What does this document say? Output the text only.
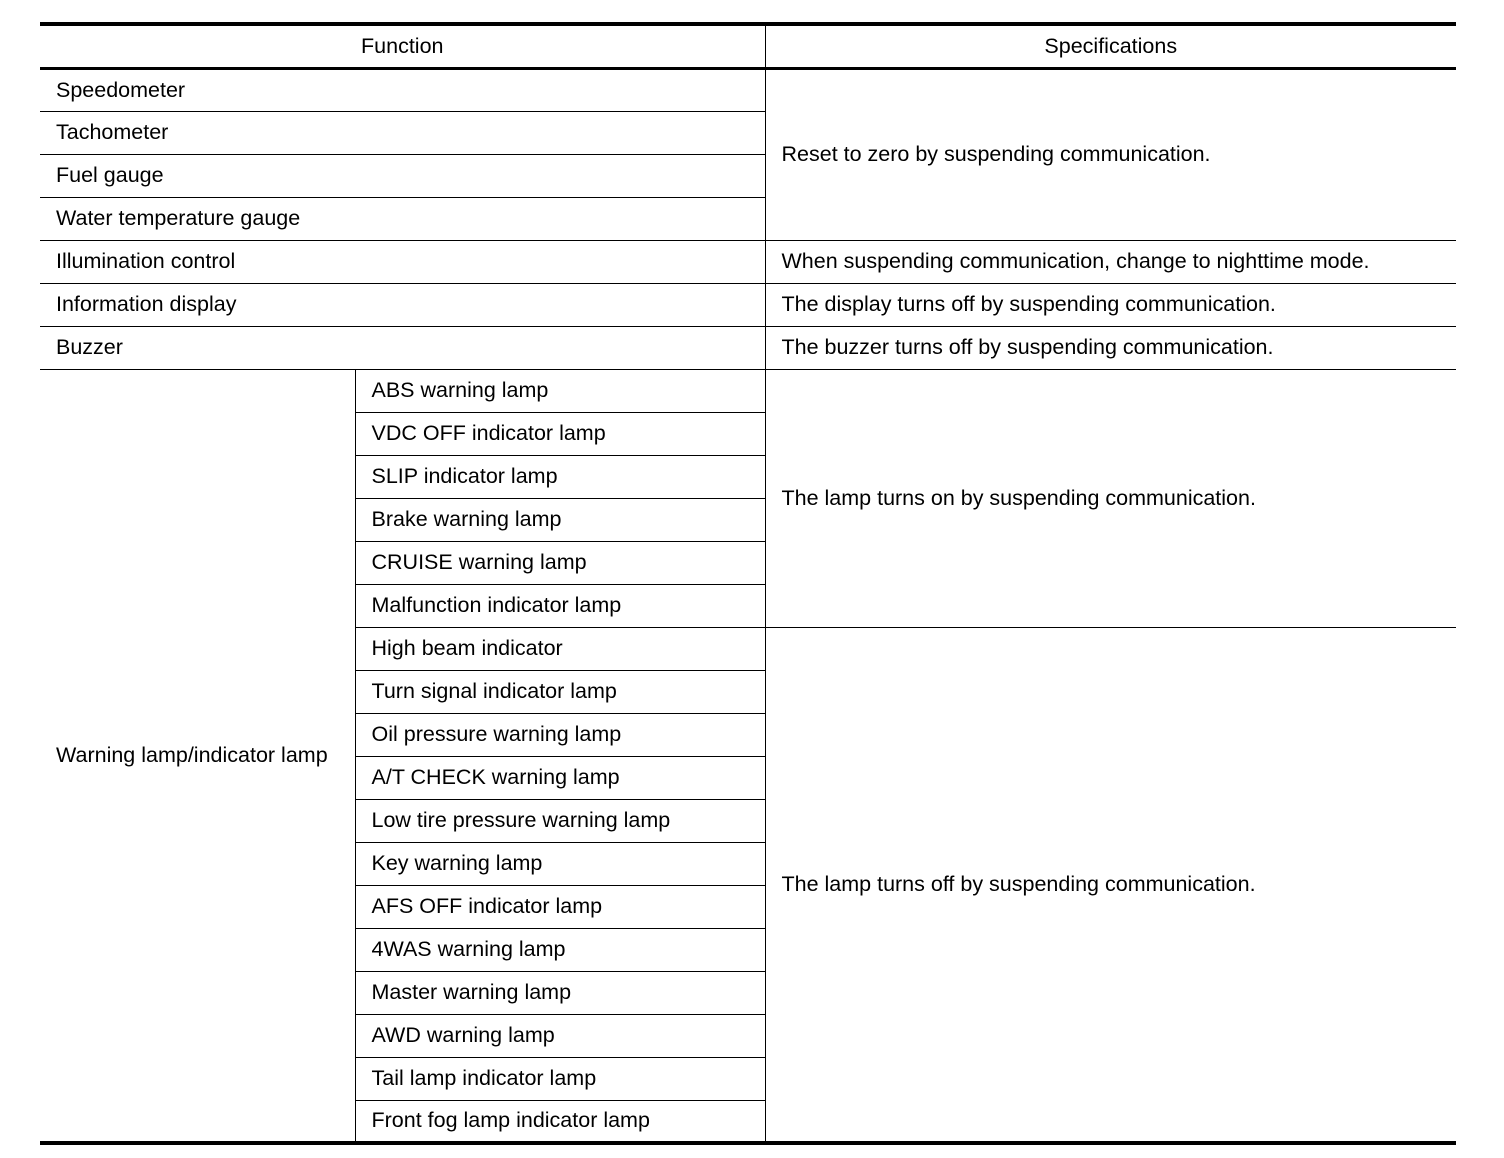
Function		Specifications
Speedometer		Reset to zero by suspending communication.
Tachometer		
Fuel gauge		
Water temperature gauge		
Illumination control		When suspending communication, change to nighttime mode.
Information display		The display turns off by suspending communication.
Buzzer		The buzzer turns off by suspending communication.
Warning lamp/indicator lamp	ABS warning lamp	The lamp turns on by suspending communication.
	VDC OFF indicator lamp	
	SLIP indicator lamp	
	Brake warning lamp	
	CRUISE warning lamp	
	Malfunction indicator lamp	
	High beam indicator	The lamp turns off by suspending communication.
	Turn signal indicator lamp	
	Oil pressure warning lamp	
	A/T CHECK warning lamp	
	Low tire pressure warning lamp	
	Key warning lamp	
	AFS OFF indicator lamp	
	4WAS warning lamp	
	Master warning lamp	
	AWD warning lamp	
	Tail lamp indicator lamp	
	Front fog lamp indicator lamp	
